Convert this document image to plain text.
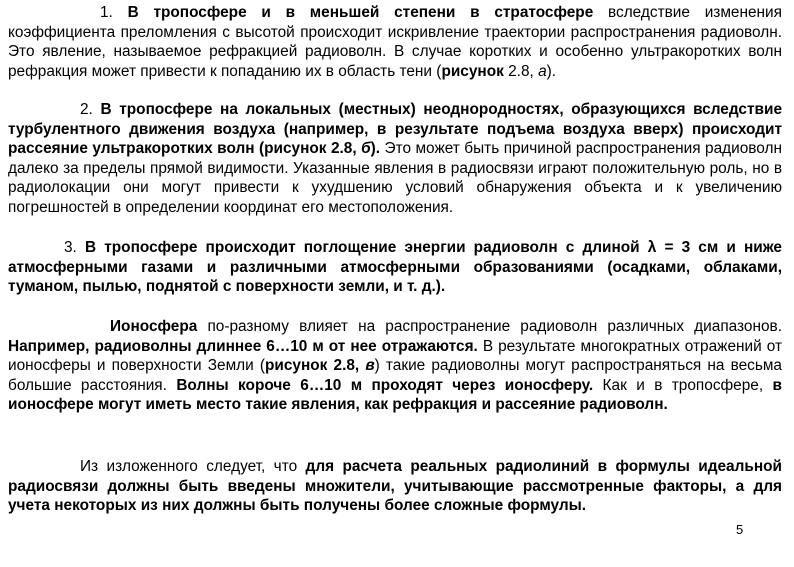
1. В тропосфере и в меньшей степени в стратосфере вследствие изменения коэффициента преломления с высотой происходит искривление траектории распространения радиоволн. Это явление, называемое рефракцией радиоволн. В случае коротких и особенно ультракоротких волн рефракция может привести к попаданию их в область тени (рисунок 2.8, а).

2. В тропосфере на локальных (местных) неоднородностях, образующихся вследствие турбулентного движения воздуха (например, в результате подъема воздуха вверх) происходит рассеяние ультракоротких волн (рисунок 2.8, б). Это может быть причиной распространения радиоволн далеко за пределы прямой видимости. Указанные явления в радиосвязи играют положительную роль, но в радиолокации они могут привести к ухудшению условий обнаружения объекта и к увеличению погрешностей в определении координат его местоположения.

3. В тропосфере происходит поглощение энергии радиоволн с длиной λ = 3 см и ниже атмосферными газами и различными атмосферными образованиями (осадками, облаками, туманом, пылью, поднятой с поверхности земли, и т. д.).

Ионосфера по-разному влияет на распространение радиоволн различных диапазонов. Например, радиоволны длиннее 6…10 м от нее отражаются. В результате многократных отражений от ионосферы и поверхности Земли (рисунок 2.8, в) такие радиоволны могут распространяться на весьма большие расстояния. Волны короче 6…10 м проходят через ионосферу. Как и в тропосфере, в ионосфере могут иметь место такие явления, как рефракция и рассеяние радиоволн.

Из изложенного следует, что для расчета реальных радиолиний в формулы идеальной радиосвязи должны быть введены множители, учитывающие рассмотренные факторы, а для учета некоторых из них должны быть получены более сложные формулы.

5
